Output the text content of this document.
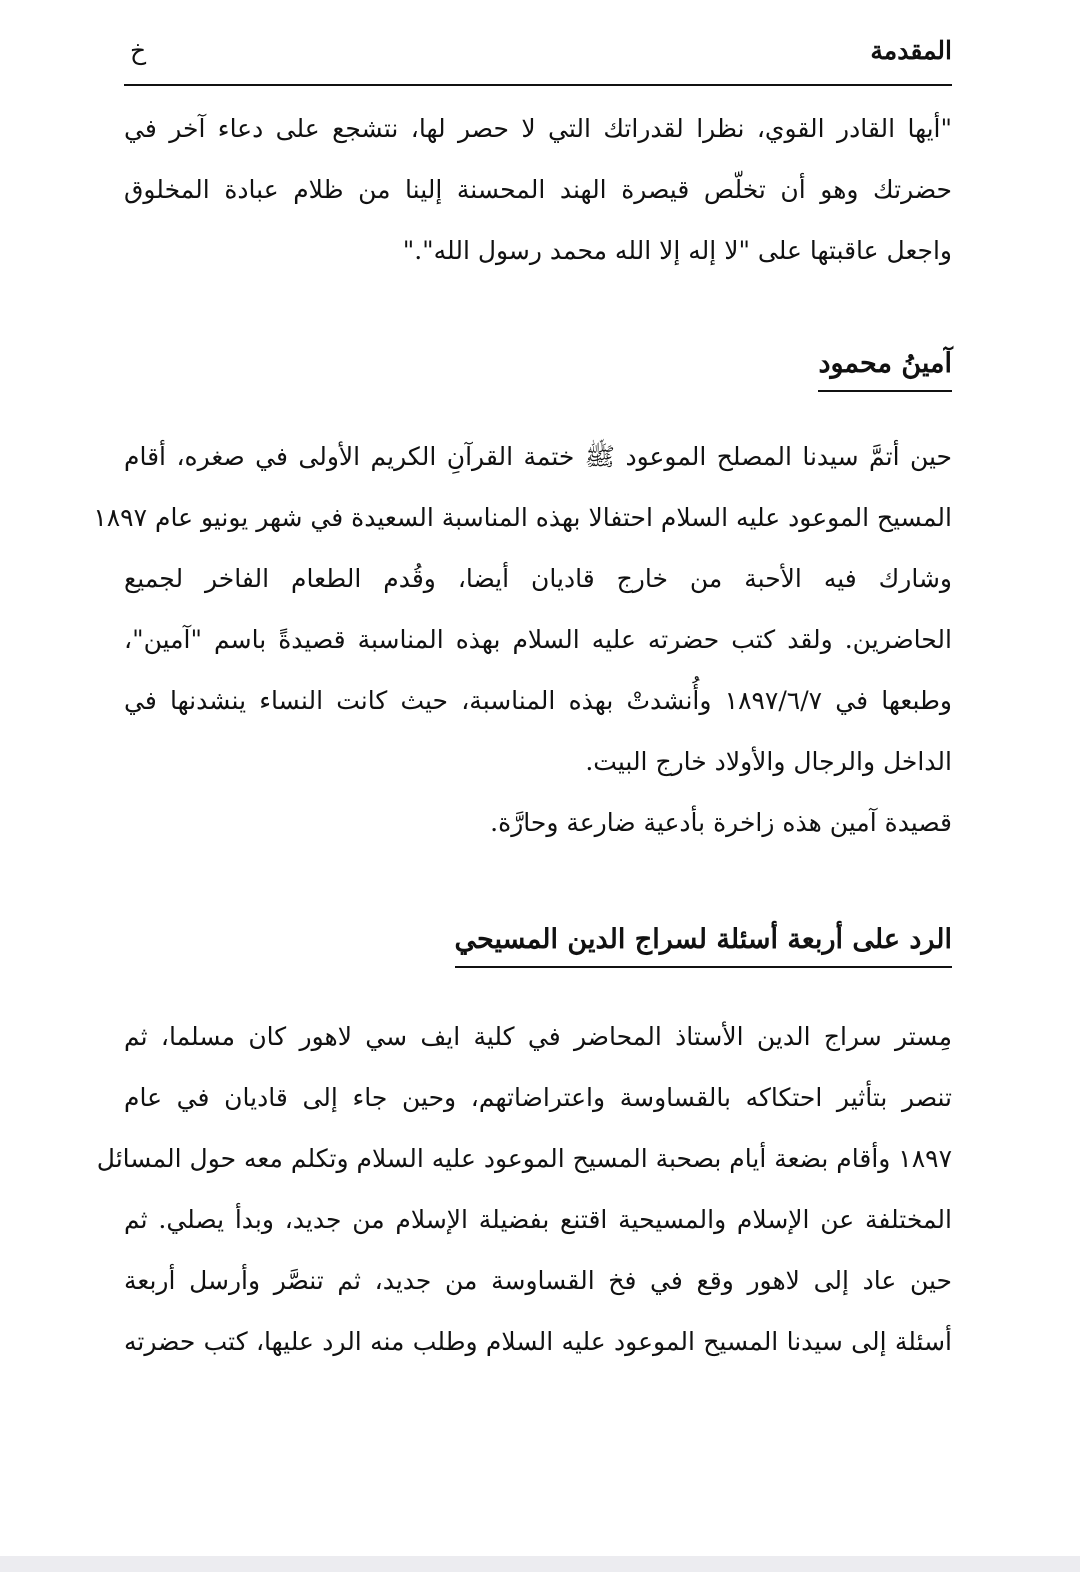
المقدمة
خ

"أيها القادر القوي، نظرا لقدراتك التي لا حصر لها، نتشجع على دعاء آخر في
حضرتك وهو أن تخلّص قيصرة الهند المحسنة إلينا من ظلام عبادة المخلوق
واجعل عاقبتها على "لا إله إلا الله محمد رسول الله"."

آمينُ محمود

حين أتمَّ سيدنا المصلح الموعود ﷺ ختمة القرآنِ الكريم الأولى في صغره، أقام
المسيح الموعود عليه السلام احتفالا بهذه المناسبة السعيدة في شهر يونيو عام ١٨٩٧
وشارك فيه الأحبة من خارج قاديان أيضا، وقُدم الطعام الفاخر لجميع
الحاضرين. ولقد كتب حضرته عليه السلام بهذه المناسبة قصيدةً باسم "آمين"،
وطبعها في ١٨٩٧/٦/٧ وأُنشدتْ بهذه المناسبة، حيث كانت النساء ينشدنها في
الداخل والرجال والأولاد خارج البيت.

قصيدة آمين هذه زاخرة بأدعية ضارعة وحارَّة.

الرد على أربعة أسئلة لسراج الدين المسيحي

مِستر سراج الدين الأستاذ المحاضر في كلية ايف سي لاهور كان مسلما، ثم
تنصر بتأثير احتكاكه بالقساوسة واعتراضاتهم، وحين جاء إلى قاديان في عام
١٨٩٧ وأقام بضعة أيام بصحبة المسيح الموعود عليه السلام وتكلم معه حول المسائل
المختلفة عن الإسلام والمسيحية اقتنع بفضيلة الإسلام من جديد، وبدأ يصلي. ثم
حين عاد إلى لاهور وقع في فخ القساوسة من جديد، ثم تنصَّر وأرسل أربعة
أسئلة إلى سيدنا المسيح الموعود عليه السلام وطلب منه الرد عليها، كتب حضرته
